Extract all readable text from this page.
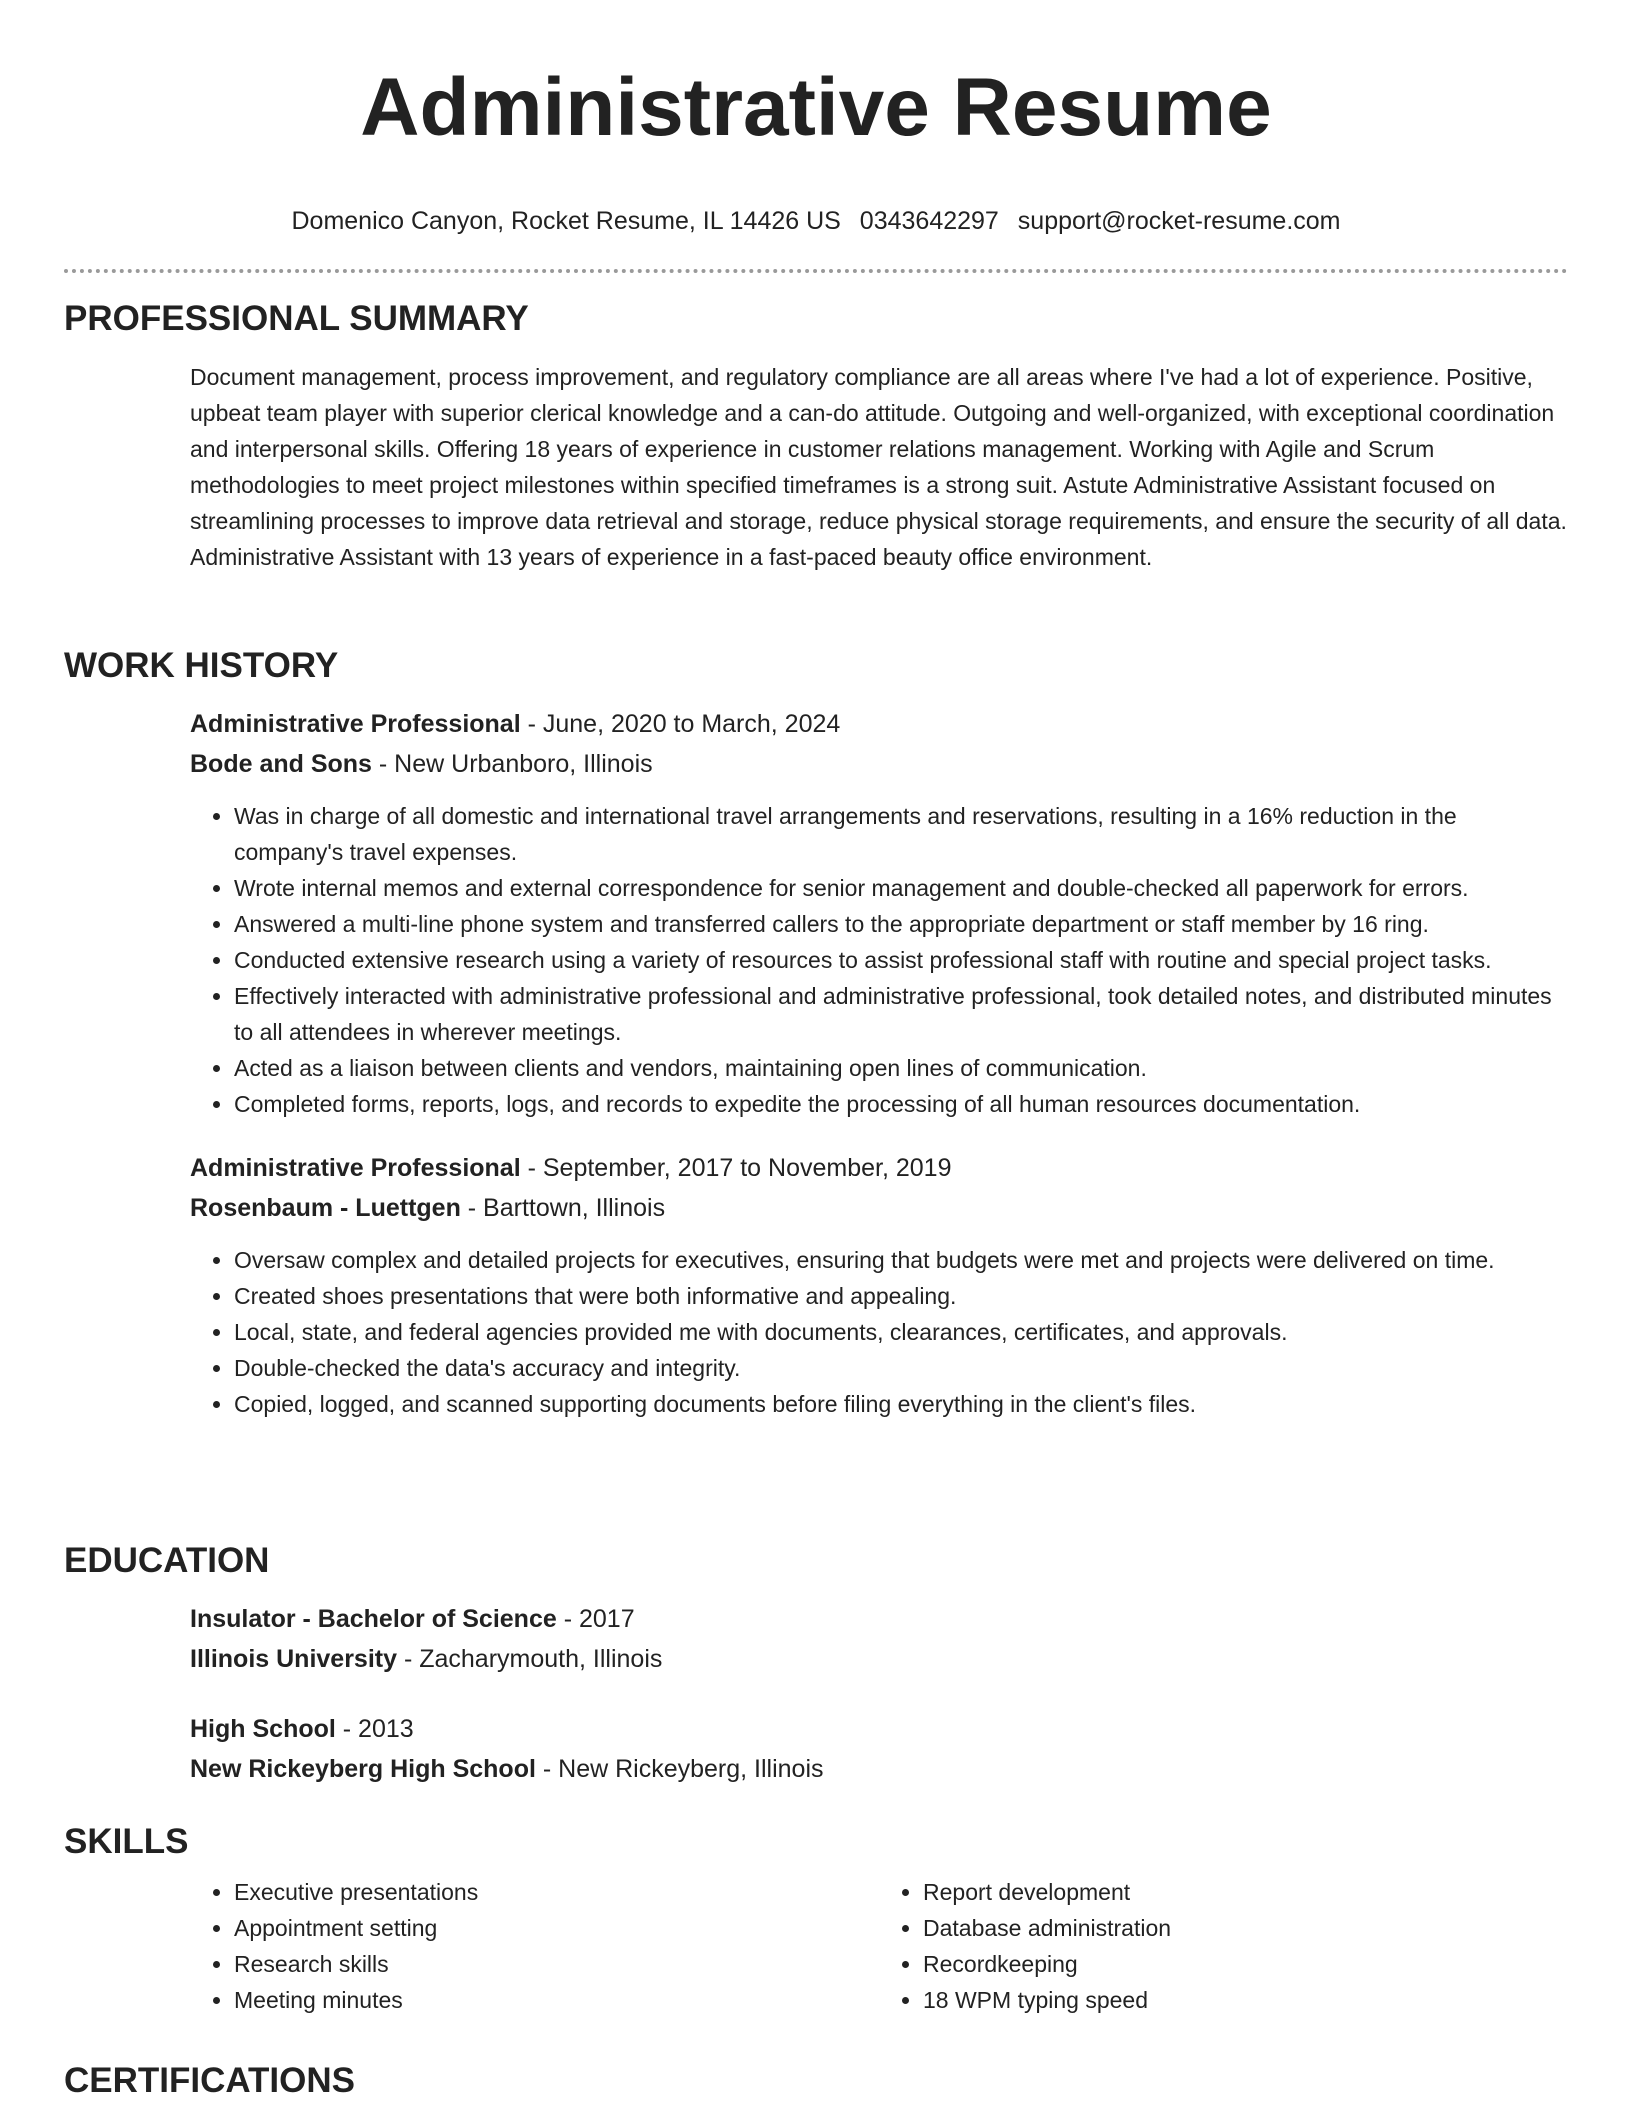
Administrative Resume
Domenico Canyon, Rocket Resume, IL 14426 US 0343642297 support@rocket-resume.com
PROFESSIONAL SUMMARY

Document management, process improvement, and regulatory compliance are all areas where I've had a lot of experience. Positive, upbeat team player with superior clerical knowledge and a can-do attitude. Outgoing and well-organized, with exceptional coordination and interpersonal skills. Offering 18 years of experience in customer relations management. Working with Agile and Scrum methodologies to meet project milestones within specified timeframes is a strong suit. Astute Administrative Assistant focused on streamlining processes to improve data retrieval and storage, reduce physical storage requirements, and ensure the security of all data. Administrative Assistant with 13 years of experience in a fast-paced beauty office environment.

WORK HISTORY
Administrative Professional - June, 2020 to March, 2024
Bode and Sons - New Urbanboro, Illinois
• Was in charge of all domestic and international travel arrangements and reservations, resulting in a 16% reduction in the company's travel expenses.
• Wrote internal memos and external correspondence for senior management and double-checked all paperwork for errors.
• Answered a multi-line phone system and transferred callers to the appropriate department or staff member by 16 ring.
• Conducted extensive research using a variety of resources to assist professional staff with routine and special project tasks.
• Effectively interacted with administrative professional and administrative professional, took detailed notes, and distributed minutes to all attendees in wherever meetings.
• Acted as a liaison between clients and vendors, maintaining open lines of communication.
• Completed forms, reports, logs, and records to expedite the processing of all human resources documentation.
Administrative Professional - September, 2017 to November, 2019
Rosenbaum - Luettgen - Barttown, Illinois
• Oversaw complex and detailed projects for executives, ensuring that budgets were met and projects were delivered on time.
• Created shoes presentations that were both informative and appealing.
• Local, state, and federal agencies provided me with documents, clearances, certificates, and approvals.
• Double-checked the data's accuracy and integrity.
• Copied, logged, and scanned supporting documents before filing everything in the client's files.
EDUCATION
Insulator - Bachelor of Science - 2017
Illinois University - Zacharymouth, Illinois
High School - 2013
New Rickeyberg High School - New Rickeyberg, Illinois
SKILLS
• Executive presentations
• Appointment setting
• Research skills
• Meeting minutes
• Report development
• Database administration
• Recordkeeping
• 18 WPM typing speed
CERTIFICATIONS
